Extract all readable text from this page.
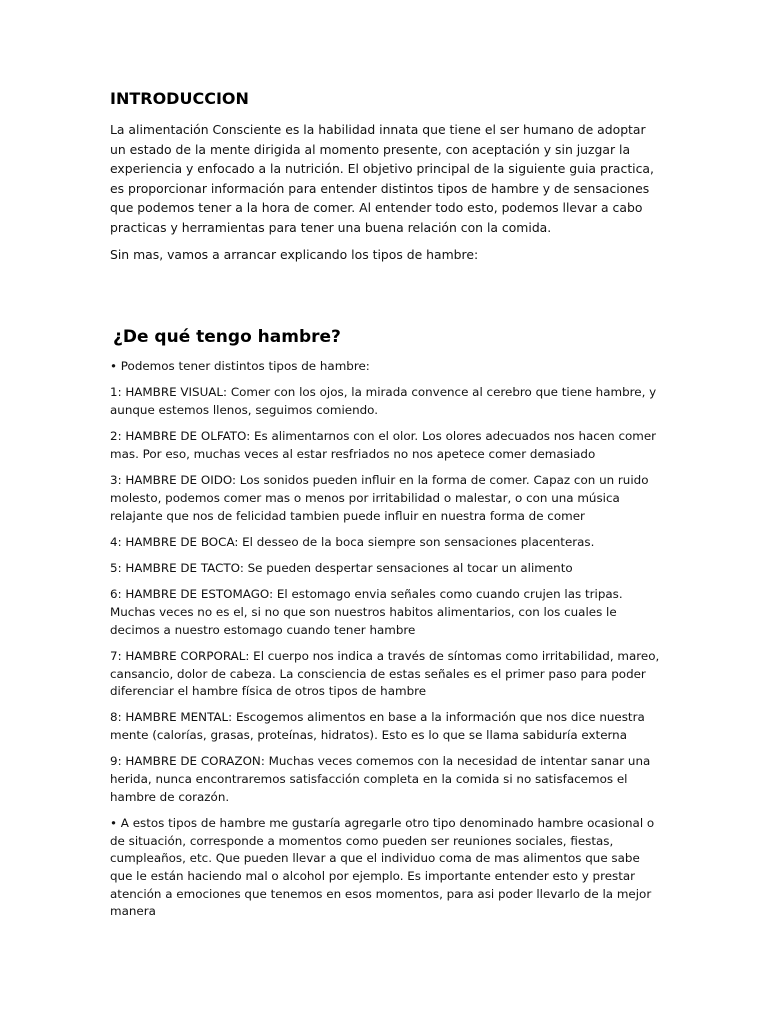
INTRODUCCION

La alimentación Consciente es la habilidad innata que tiene el ser humano de adoptar un estado de la mente dirigida al momento presente, con aceptación y sin juzgar la experiencia y enfocado a la nutrición. El objetivo principal de la siguiente guia practica, es proporcionar información para entender distintos tipos de hambre y de sensaciones que podemos tener a la hora de comer. Al entender todo esto, podemos llevar a cabo practicas y herramientas para tener una buena relación con la comida.

Sin mas, vamos a arrancar explicando los tipos de hambre:

¿De qué tengo hambre?

• Podemos tener distintos tipos de hambre:

1: HAMBRE VISUAL: Comer con los ojos, la mirada convence al cerebro que tiene hambre, y aunque estemos llenos, seguimos comiendo.

2: HAMBRE DE OLFATO: Es alimentarnos con el olor. Los olores adecuados nos hacen comer mas. Por eso, muchas veces al estar resfriados no nos apetece comer demasiado

3: HAMBRE DE OIDO: Los sonidos pueden influir en la forma de comer. Capaz con un ruido molesto, podemos comer mas o menos por irritabilidad o malestar, o con una música relajante que nos de felicidad tambien puede influir en nuestra forma de comer

4: HAMBRE DE BOCA: El desseo de la boca siempre son sensaciones placenteras.

5: HAMBRE DE TACTO: Se pueden despertar sensaciones al tocar un alimento

6: HAMBRE DE ESTOMAGO: El estomago envia señales como cuando crujen las tripas. Muchas veces no es el, si no que son nuestros habitos alimentarios, con los cuales le decimos a nuestro estomago cuando tener hambre

7: HAMBRE CORPORAL: El cuerpo nos indica a través de síntomas como irritabilidad, mareo, cansancio, dolor de cabeza. La consciencia de estas señales es el primer paso para poder diferenciar el hambre física de otros tipos de hambre

8: HAMBRE MENTAL: Escogemos alimentos en base a la información que nos dice nuestra mente (calorías, grasas, proteínas, hidratos). Esto es lo que se llama sabiduría externa

9: HAMBRE DE CORAZON: Muchas veces comemos con la necesidad de intentar sanar una herida, nunca encontraremos satisfacción completa en la comida si no satisfacemos el hambre de corazón.

• A estos tipos de hambre me gustaría agregarle otro tipo denominado hambre ocasional o de situación, corresponde a momentos como pueden ser reuniones sociales, fiestas, cumpleaños, etc. Que pueden llevar a que el individuo coma de mas alimentos que sabe que le están haciendo mal o alcohol por ejemplo. Es importante entender esto y prestar atención a emociones que tenemos en esos momentos, para asi poder llevarlo de la mejor manera
